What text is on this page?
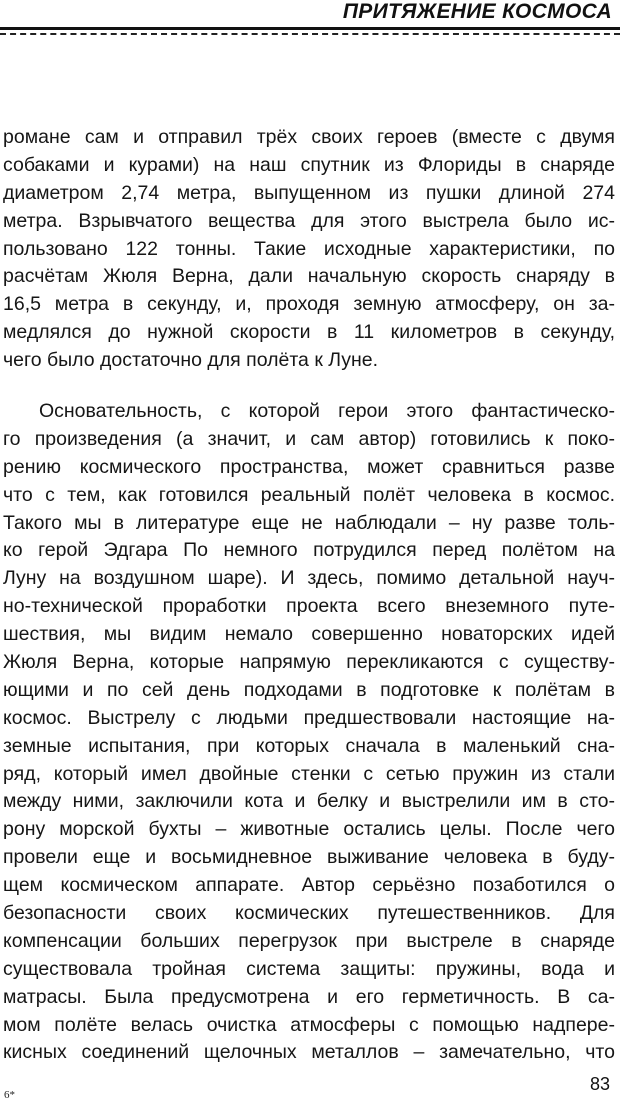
ПРИТЯЖЕНИЕ КОСМОСА
романе сам и отправил трёх своих героев (вместе с двумя
собаками и курами) на наш спутник из Флориды в снаряде
диаметром 2,74 метра, выпущенном из пушки длиной 274
метра. Взрывчатого вещества для этого выстрела было ис-
пользовано 122 тонны. Такие исходные характеристики, по
расчётам Жюля Верна, дали начальную скорость снаряду в
16,5 метра в секунду, и, проходя земную атмосферу, он за-
медлялся до нужной скорости в 11 километров в секунду,
чего было достаточно для полёта к Луне.
Основательность, с которой герои этого фантастическо-
го произведения (а значит, и сам автор) готовились к поко-
рению космического пространства, может сравниться разве
что с тем, как готовился реальный полёт человека в космос.
Такого мы в литературе еще не наблюдали – ну разве толь-
ко герой Эдгара По немного потрудился перед полётом на
Луну на воздушном шаре). И здесь, помимо детальной науч-
но-технической проработки проекта всего внеземного путе-
шествия, мы видим немало совершенно новаторских идей
Жюля Верна, которые напрямую перекликаются с существу-
ющими и по сей день подходами в подготовке к полётам в
космос. Выстрелу с людьми предшествовали настоящие на-
земные испытания, при которых сначала в маленький сна-
ряд, который имел двойные стенки с сетью пружин из стали
между ними, заключили кота и белку и выстрелили им в сто-
рону морской бухты – животные остались целы. После чего
провели еще и восьмидневное выживание человека в буду-
щем космическом аппарате. Автор серьёзно позаботился о
безопасности своих космических путешественников. Для
компенсации больших перегрузок при выстреле в снаряде
существовала тройная система защиты: пружины, вода и
матрасы. Была предусмотрена и его герметичность. В са-
мом полёте велась очистка атмосферы с помощью надпере-
кисных соединений щелочных металлов – замечательно, что
6*
83
